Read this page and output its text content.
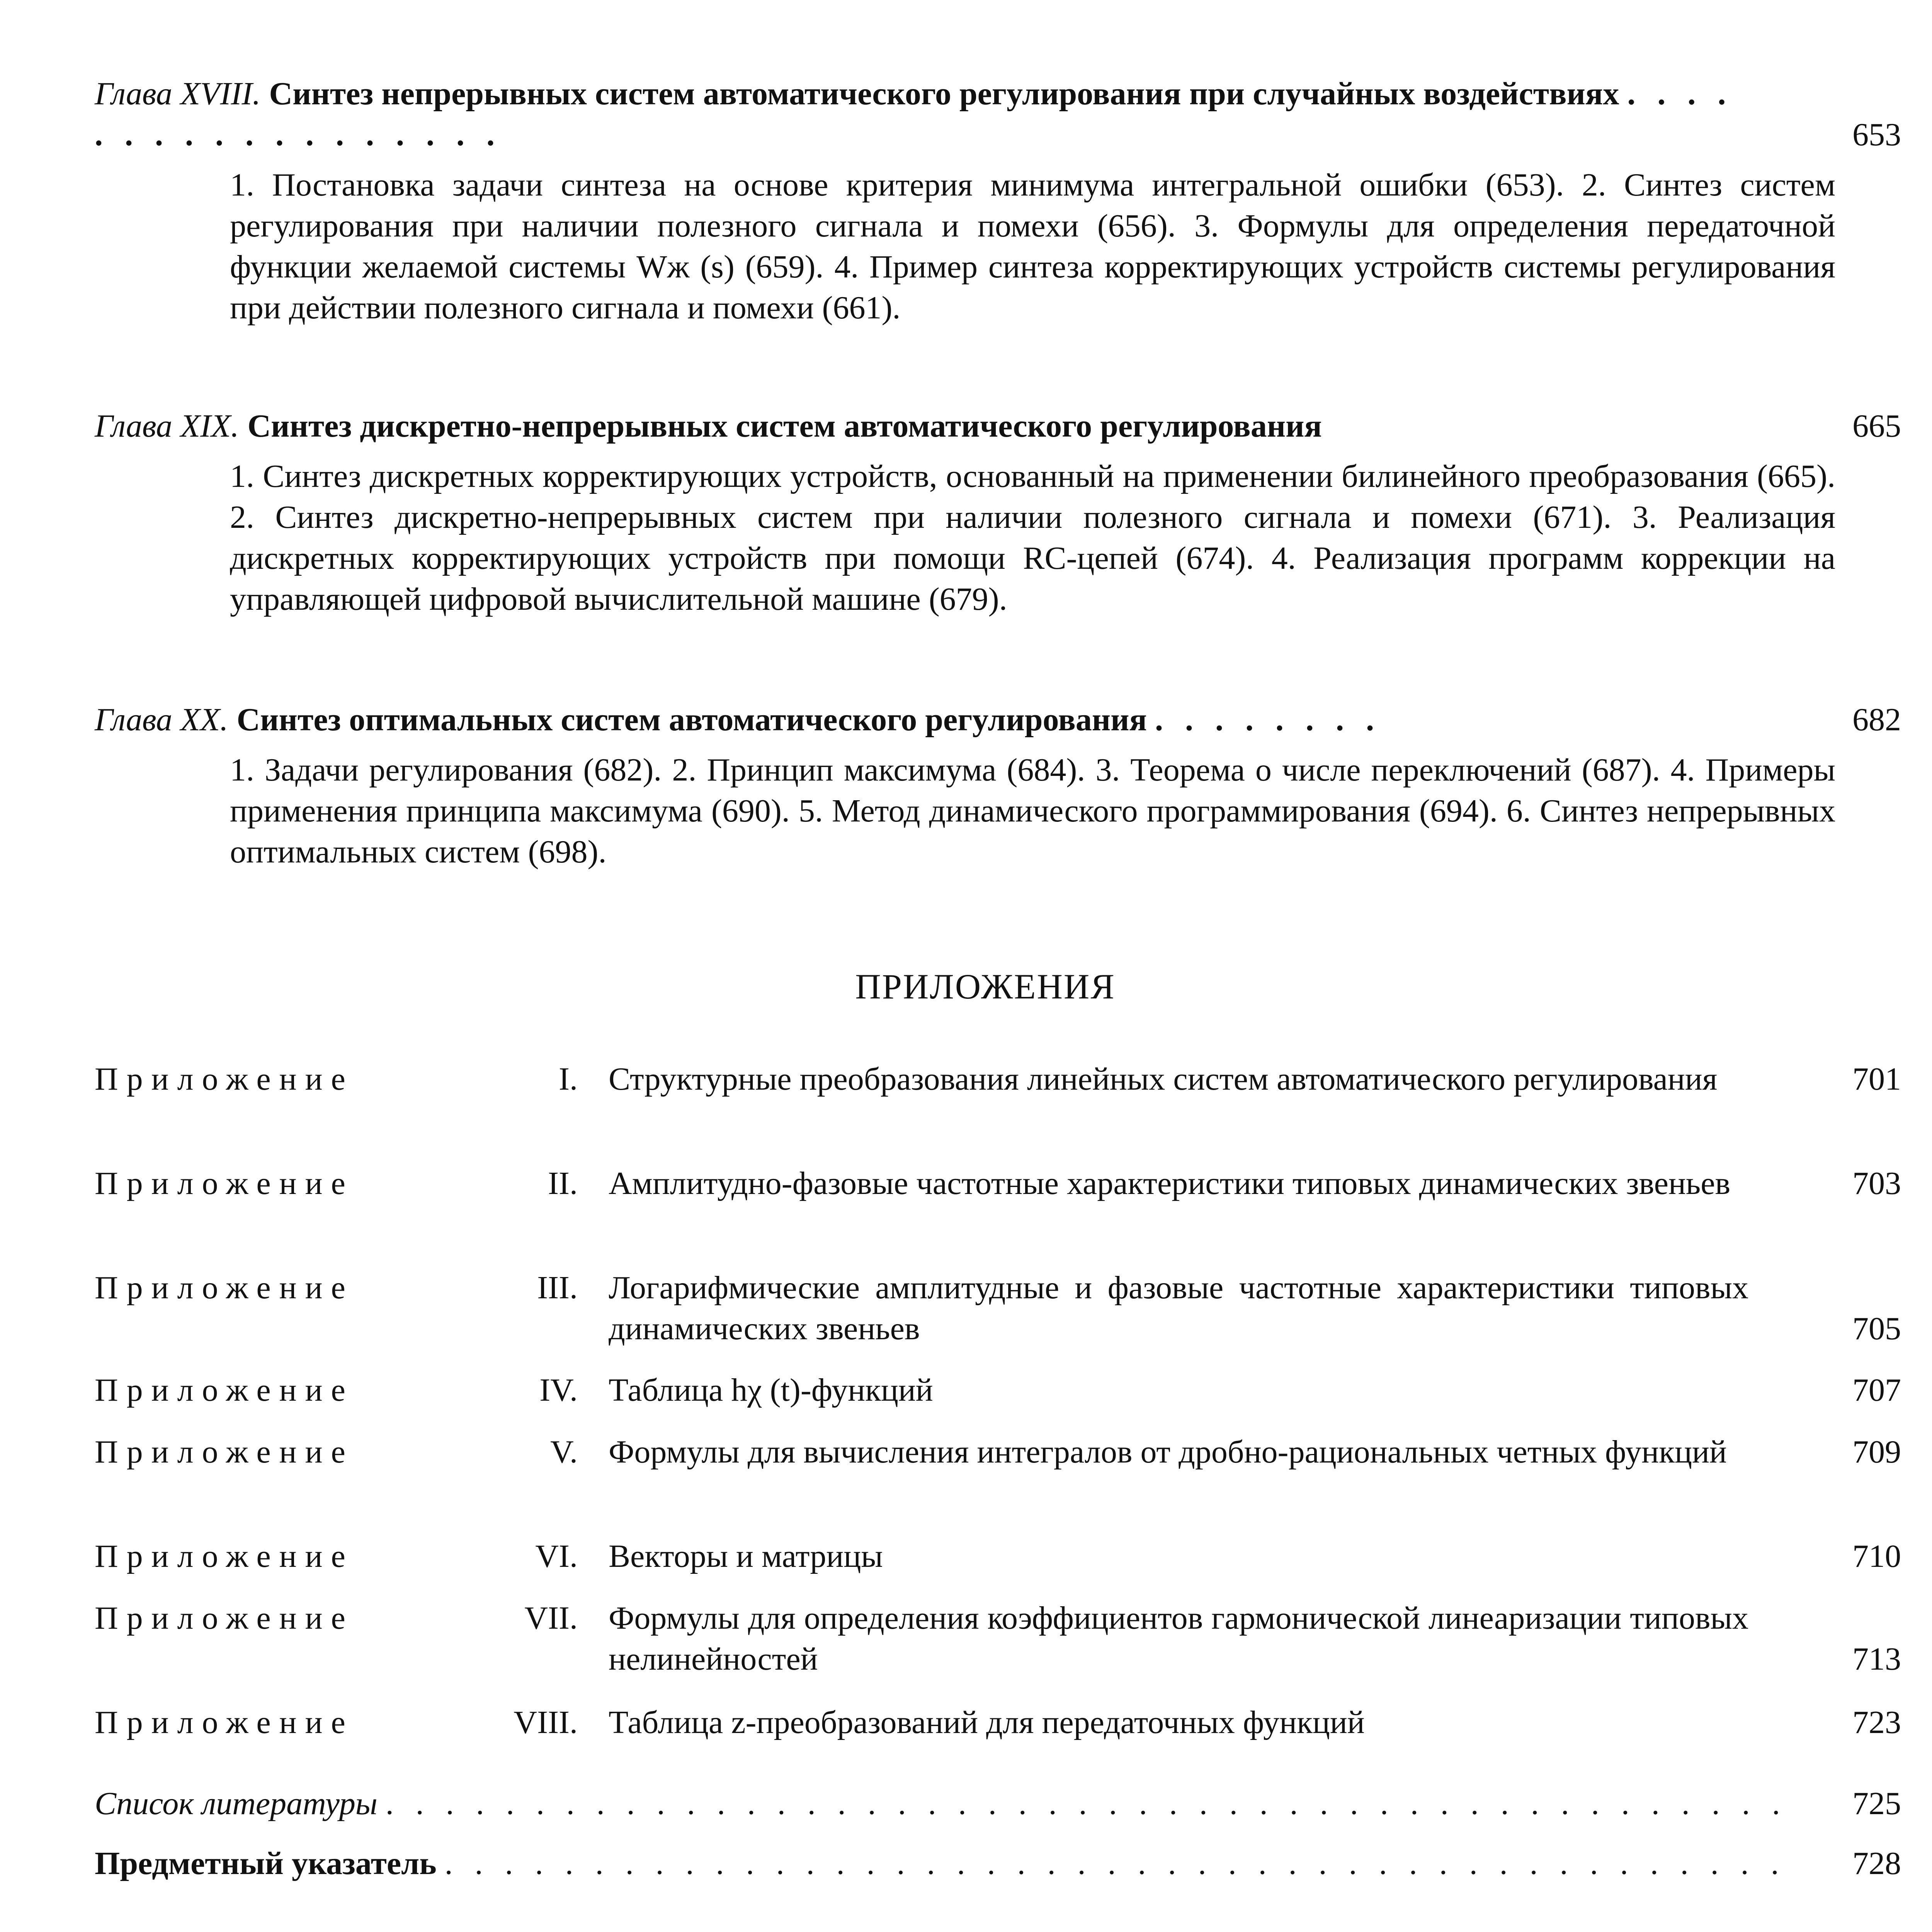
Глава XVIII. Синтез непрерывных систем автоматического регулирования при случайных воздействиях . . . . . . . . . . . . . . . . . .	653
1. Постановка задачи синтеза на основе критерия минимума интегральной ошибки (653). 2. Синтез систем регулирования при наличии полезного сигнала и помехи (656). 3. Формулы для определения передаточной функции желаемой системы Wж (s) (659). 4. Пример синтеза корректирующих устройств системы регулирования при действии полезного сигнала и помехи (661).
Глава XIX. Синтез дискретно-непрерывных систем автоматического регулирования	665
1. Синтез дискретных корректирующих устройств, основанный на применении билинейного преобразования (665). 2. Синтез дискретно-непрерывных систем при наличии полезного сигнала и помехи (671). 3. Реализация дискретных корректирующих устройств при помощи RC-цепей (674). 4. Реализация программ коррекции на управляющей цифровой вычислительной машине (679).
Глава XX. Синтез оптимальных систем автоматического регулирования . . . . . . . .	682
1. Задачи регулирования (682). 2. Принцип максимума (684). 3. Теорема о числе переключений (687). 4. Примеры применения принципа максимума (690). 5. Метод динамического программирования (694). 6. Синтез непрерывных оптимальных систем (698).
ПРИЛОЖЕНИЯ
Приложение	I. Структурные преобразования линейных систем автоматического регулирования	701
Приложение	II. Амплитудно-фазовые частотные характеристики типовых динамических звеньев	703
Приложение	III. Логарифмические амплитудные и фазовые частотные характеристики типовых динамических звеньев	705
Приложение	IV. Таблица hχ (t)-функций	707
Приложение	V. Формулы для вычисления интегралов от дробно-рациональных четных функций	709
Приложение	VI. Векторы и матрицы	710
Приложение	VII. Формулы для определения коэффициентов гармонической линеаризации типовых нелинейностей	713
Приложение	VIII. Таблица z-преобразований для передаточных функций	723
Список литературы . . . . . . . . . . . . . . . . . . . . . . . . . . . . . . . . . . . . . . . . . . . . . . . 725
Предметный указатель . . . . . . . . . . . . . . . . . . . . . . . . . . . . . . . . . . . . . . . . . . . . . 728
